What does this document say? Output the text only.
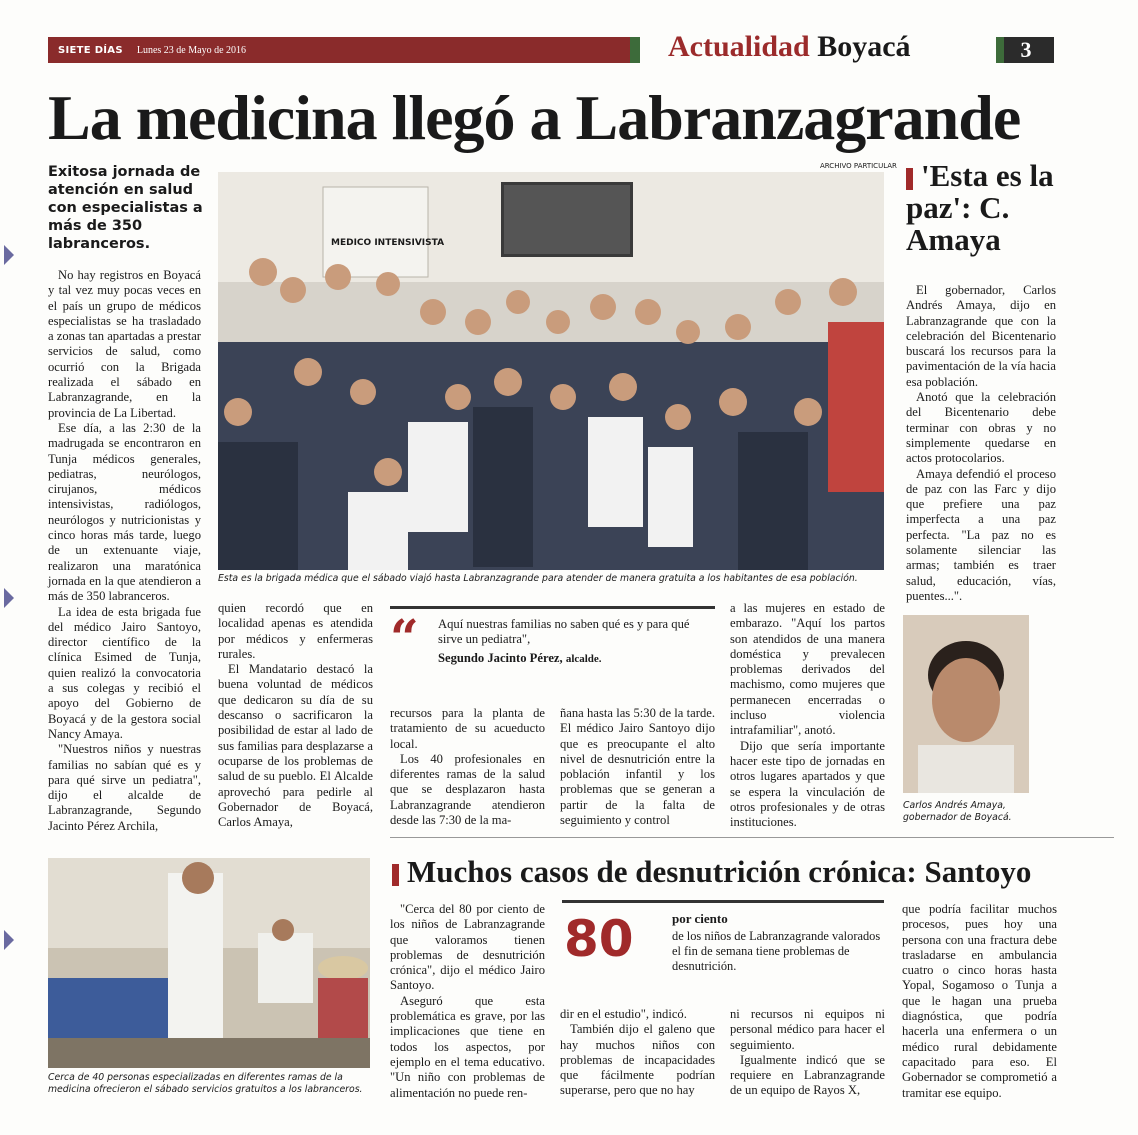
SIETE DÍAS Lunes 23 de Mayo de 2016	Actualidad Boyacá	3
La medicina llegó a Labranzagrande
Exitosa jornada de atención en salud con especialistas a más de 350 labranceros.

No hay registros en Boyacá y tal vez muy pocas veces en el país un grupo de médicos especialistas se ha trasladado a zonas tan apartadas a prestar servicios de salud, como ocurrió con la Brigada realizada el sábado en Labranzagrande, en la provincia de La Libertad.

Ese día, a las 2:30 de la madrugada se encontraron en Tunja médicos generales, pediatras, neurólogos, cirujanos, médicos intensivistas, radiólogos, neurólogos y nutricionistas y cinco horas más tarde, luego de un extenuante viaje, realizaron una maratónica jornada en la que atendieron a más de 350 labranceros.

La idea de esta brigada fue del médico Jairo Santoyo, director científico de la clínica Esimed de Tunja, quien realizó la convocatoria a sus colegas y recibió el apoyo del Gobierno de Boyacá y de la gestora social Nancy Amaya.

"Nuestros niños y nuestras familias no sabían qué es y para qué sirve un pediatra", dijo el alcalde de Labranzagrande, Segundo Jacinto Pérez Archila,

ARCHIVO PARTICULAR
MEDICO INTENSIVISTA
Esta es la brigada médica que el sábado viajó hasta Labranzagrande para atender de manera gratuita a los habitantes de esa población.

quien recordó que en localidad apenas es atendida por médicos y enfermeras rurales.

El Mandatario destacó la buena voluntad de médicos que dedicaron su día de su descanso o sacrificaron la posibilidad de estar al lado de sus familias para desplazarse a ocuparse de los problemas de salud de su pueblo. El Alcalde aprovechó para pedirle al Gobernador de Boyacá, Carlos Amaya,

“ Aquí nuestras familias no saben qué es y para qué sirve un pediatra",
Segundo Jacinto Pérez, alcalde.

recursos para la planta de tratamiento de su acueducto local.

Los 40 profesionales en diferentes ramas de la salud que se desplazaron hasta Labranzagrande atendieron desde las 7:30 de la ma-

ñana hasta las 5:30 de la tarde. El médico Jairo Santoyo dijo que es preocupante el alto nivel de desnutrición entre la población infantil y los problemas que se generan a partir de la falta de seguimiento y control

a las mujeres en estado de embarazo. "Aquí los partos son atendidos de una manera doméstica y prevalecen problemas derivados del machismo, como mujeres que permanecen encerradas o incluso violencia intrafamiliar", anotó.

Dijo que sería importante hacer este tipo de jornadas en otros lugares apartados y que se espera la vinculación de otros profesionales y de otras instituciones.

'Esta es la paz': C. Amaya

El gobernador, Carlos Andrés Amaya, dijo en Labranzagrande que con la celebración del Bicentenario buscará los recursos para la pavimentación de la vía hacia esa población.

Anotó que la celebración del Bicentenario debe terminar con obras y no simplemente quedarse en actos protocolarios.

Amaya defendió el proceso de paz con las Farc y dijo que prefiere una paz imperfecta a una paz perfecta. "La paz no es solamente silenciar las armas; también es traer salud, educación, vías, puentes...".

Carlos Andrés Amaya,
gobernador de Boyacá.
Muchos casos de desnutrición crónica: Santoyo
Cerca de 40 personas especializadas en diferentes ramas de la medicina ofrecieron el sábado servicios gratuitos a los labranceros.

"Cerca del 80 por ciento de los niños de Labranzagrande que valoramos tienen problemas de desnutrición crónica", dijo el médico Jairo Santoyo.

Aseguró que esta problemática es grave, por las implicaciones que tiene en todos los aspectos, por ejemplo en el tema educativo. "Un niño con problemas de alimentación no puede ren-

80	por ciento
de los niños de Labranzagrande valorados el fin de semana tiene problemas de desnutrición.

dir en el estudio", indicó.

También dijo el galeno que hay muchos niños con problemas de incapacidades que fácilmente podrían superarse, pero que no hay

ni recursos ni equipos ni personal médico para hacer el seguimiento.

Igualmente indicó que se requiere en Labranzagrande de un equipo de Rayos X,

que podría facilitar muchos procesos, pues hoy una persona con una fractura debe trasladarse en ambulancia cuatro o cinco horas hasta Yopal, Sogamoso o Tunja a que le hagan una prueba diagnóstica, que podría hacerla una enfermera o un médico rural debidamente capacitado para eso. El Gobernador se comprometió a tramitar ese equipo.
